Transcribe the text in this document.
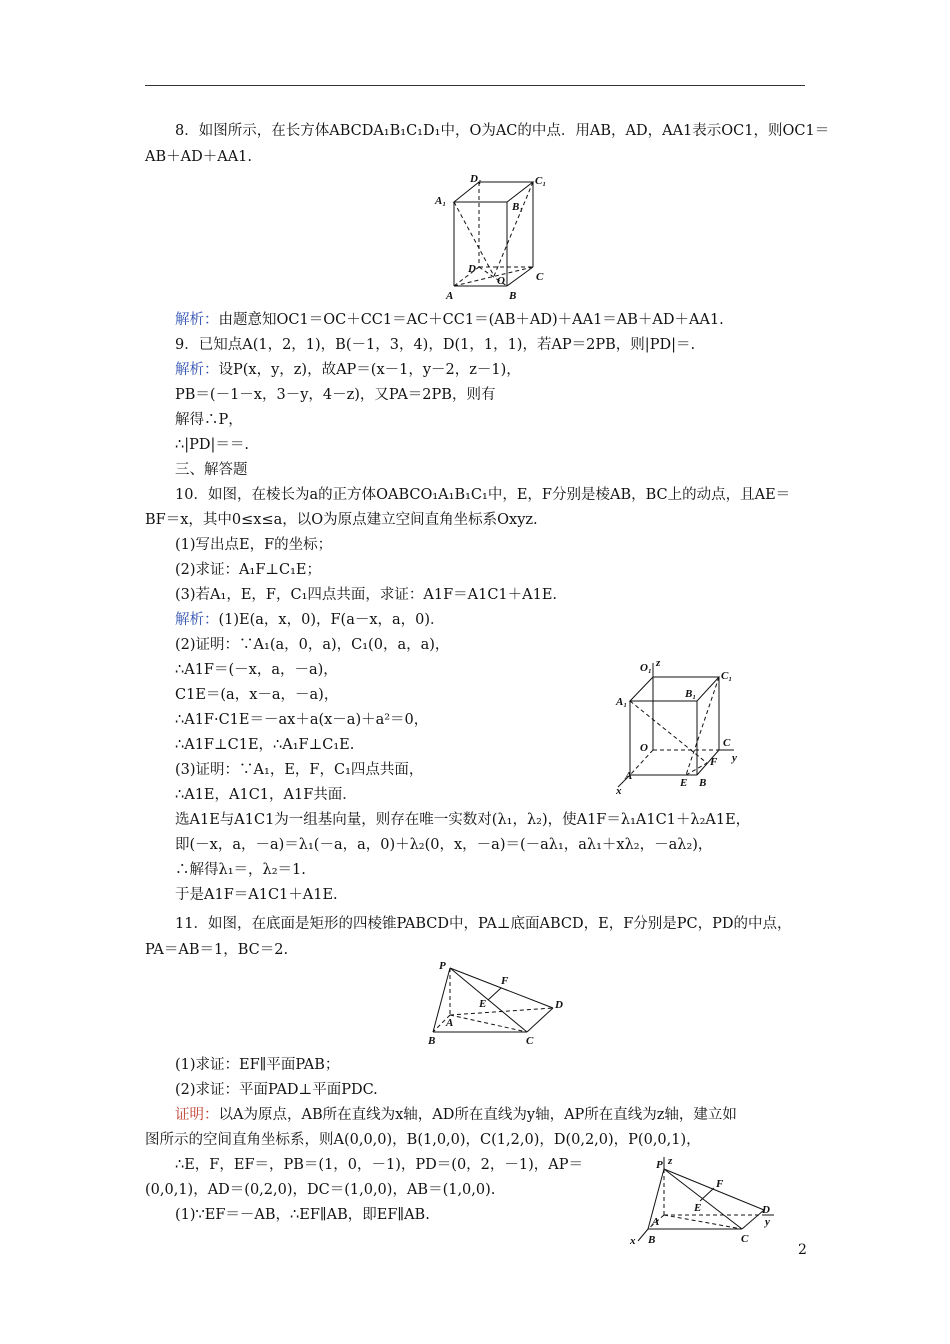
8．如图所示，在长方体ABCDA₁B₁C₁D₁中，O为AC的中点．用AB，AD，AA1表示OC1，则OC1＝
AB＋AD＋AA1.
D₁	C₁
A₁	B₁
D
C
O
A	B
解析：由题意知OC1＝OC＋CC1＝AC＋CC1＝(AB＋AD)＋AA1＝AB＋AD＋AA1.
9．已知点A(1，2，1)，B(－1，3，4)，D(1，1，1)，若AP＝2PB，则|PD|＝.
解析：设P(x，y，z)，故AP＝(x－1，y－2，z－1)，
PB＝(－1－x，3－y，4－z)，又PA＝2PB，则有
解得∴P，
∴|PD|＝＝.
三、解答题
10．如图，在棱长为a的正方体OABCO₁A₁B₁C₁中，E，F分别是棱AB，BC上的动点，且AE＝
BF＝x，其中0≤x≤a，以O为原点建立空间直角坐标系Oxyz.
(1)写出点E，F的坐标；
(2)求证：A₁F⊥C₁E；
(3)若A₁，E，F，C₁四点共面，求证：A1F＝A1C1＋A1E.
解析：(1)E(a，x，0)，F(a－x，a，0)．
(2)证明：∵A₁(a，0，a)，C₁(0，a，a)，
∴A1F＝(－x，a，－a)，
C1E＝(a，x－a，－a)，
∴A1F·C1E＝－ax＋a(x－a)＋a²＝0，
∴A1F⊥C1E，∴A₁F⊥C₁E.
(3)证明：∵A₁，E，F，C₁四点共面，
∴A1E，A1C1，A1F共面．
选A1E与A1C1为一组基向量，则存在唯一实数对(λ₁，λ₂)，使A1F＝λ₁A1C1＋λ₂A1E，
即(－x，a，－a)＝λ₁(－a，a，0)＋λ₂(0，x，－a)＝(－aλ₁，aλ₁＋xλ₂，－aλ₂)，
∴解得λ₁＝，λ₂＝1.
于是A1F＝A1C1＋A1E.
O₁ z
C₁
A₁
B₁
O	C
y
F
A
E B
x
11．如图，在底面是矩形的四棱锥PABCD中，PA⊥底面ABCD，E，F分别是PC，PD的中点，
PA＝AB＝1，BC＝2.
P
F
E	D
A
B	C
(1)求证：EF∥平面PAB；
(2)求证：平面PAD⊥平面PDC.
证明：以A为原点，AB所在直线为x轴，AD所在直线为y轴，AP所在直线为z轴，建立如
图所示的空间直角坐标系，则A(0,0,0)，B(1,0,0)，C(1,2,0)，D(0,2,0)，P(0,0,1)，
∴E，F，EF＝，PB＝(1，0，－1)，PD＝(0，2，－1)，AP＝
(0,0,1)，AD＝(0,2,0)，DC＝(1,0,0)，AB＝(1,0,0).
(1)∵EF＝－AB，∴EF∥AB，即EF∥AB.
P z
F
E	D
y
A
x B	C
2
